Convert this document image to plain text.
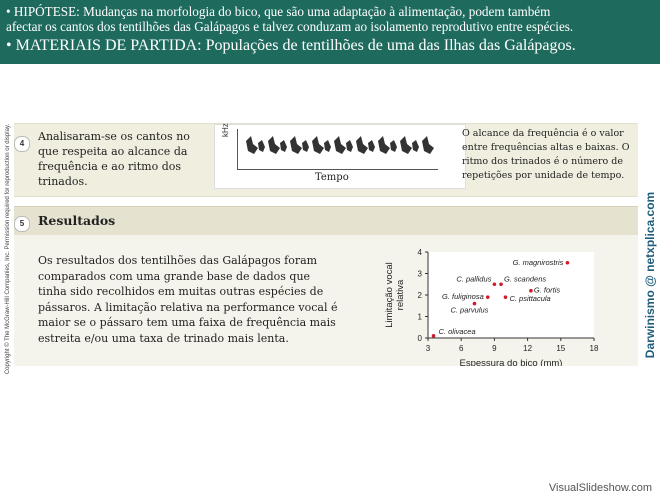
• HIPÓTESE: Mudanças na morfologia do bico, que são uma adaptação à alimentação, podem também
afectar os cantos dos tentilhões das Galápagos e talvez conduzam ao isolamento reprodutivo entre espécies.
• MATERIAIS DE PARTIDA: Populações de tentilhões de uma das Ilhas das Galápagos.
Copyright © The McGraw-Hill Companies, Inc. Permission required for reproduction or display.	Darwinismo @ netxplica.com
4
Analisaram-se os cantos no que respeita ao alcance da frequência e ao ritmo dos trinados.
kHz
Tempo
O alcance da frequência é o valor entre frequências altas e baixas. O ritmo dos trinados é o número de repetições por unidade de tempo.
5	Resultados
Os resultados dos tentilhões das Galápagos foram comparados com uma grande base de dados que tinha sido recolhidos em muitas outras espécies de pássaros. A limitação relativa na performance vocal é maior se o pássaro tem uma faixa de frequência mais estreita e/ou uma taxa de trinado mais lenta.
3	6	9	12	15	18
0
1
2
3
4
Espessura do bico (mm)
Limitação vocalrelativa
C. olivacea
C. parvulus
G. fuliginosa
C. pallidus G. scandens
C. psittacula
G. fortis
G. magnirostris
VisualSlideshow.com
